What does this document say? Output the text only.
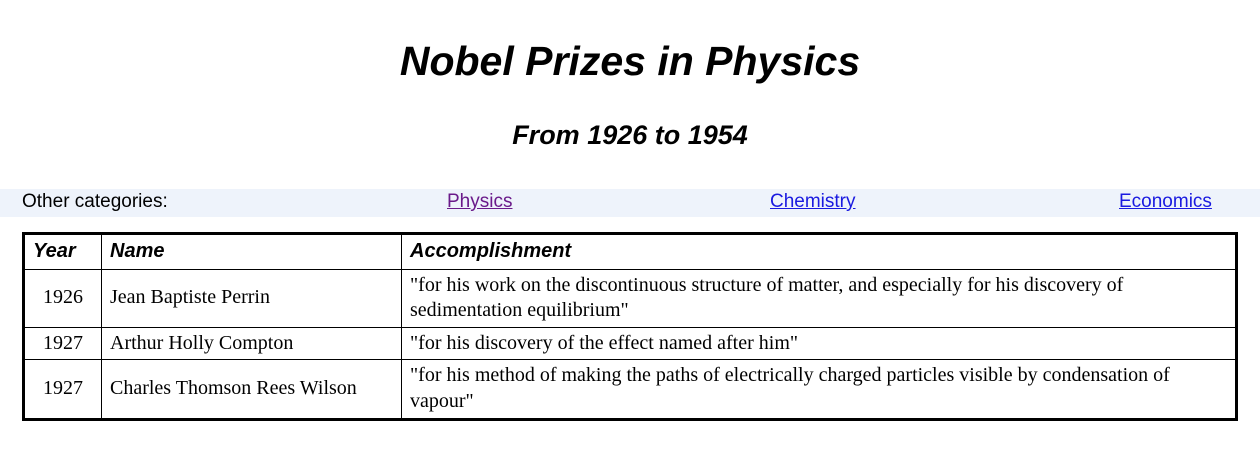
Nobel Prizes in Physics
From 1926 to 1954
Other categories:	Physics	Chemistry	Economics
Year	Name	Accomplishment
1926	Jean Baptiste Perrin	"for his work on the discontinuous structure of matter, and especially for his discovery of sedimentation equilibrium"
1927	Arthur Holly Compton	"for his discovery of the effect named after him"
1927	Charles Thomson Rees Wilson	"for his method of making the paths of electrically charged particles visible by condensation of vapour"
